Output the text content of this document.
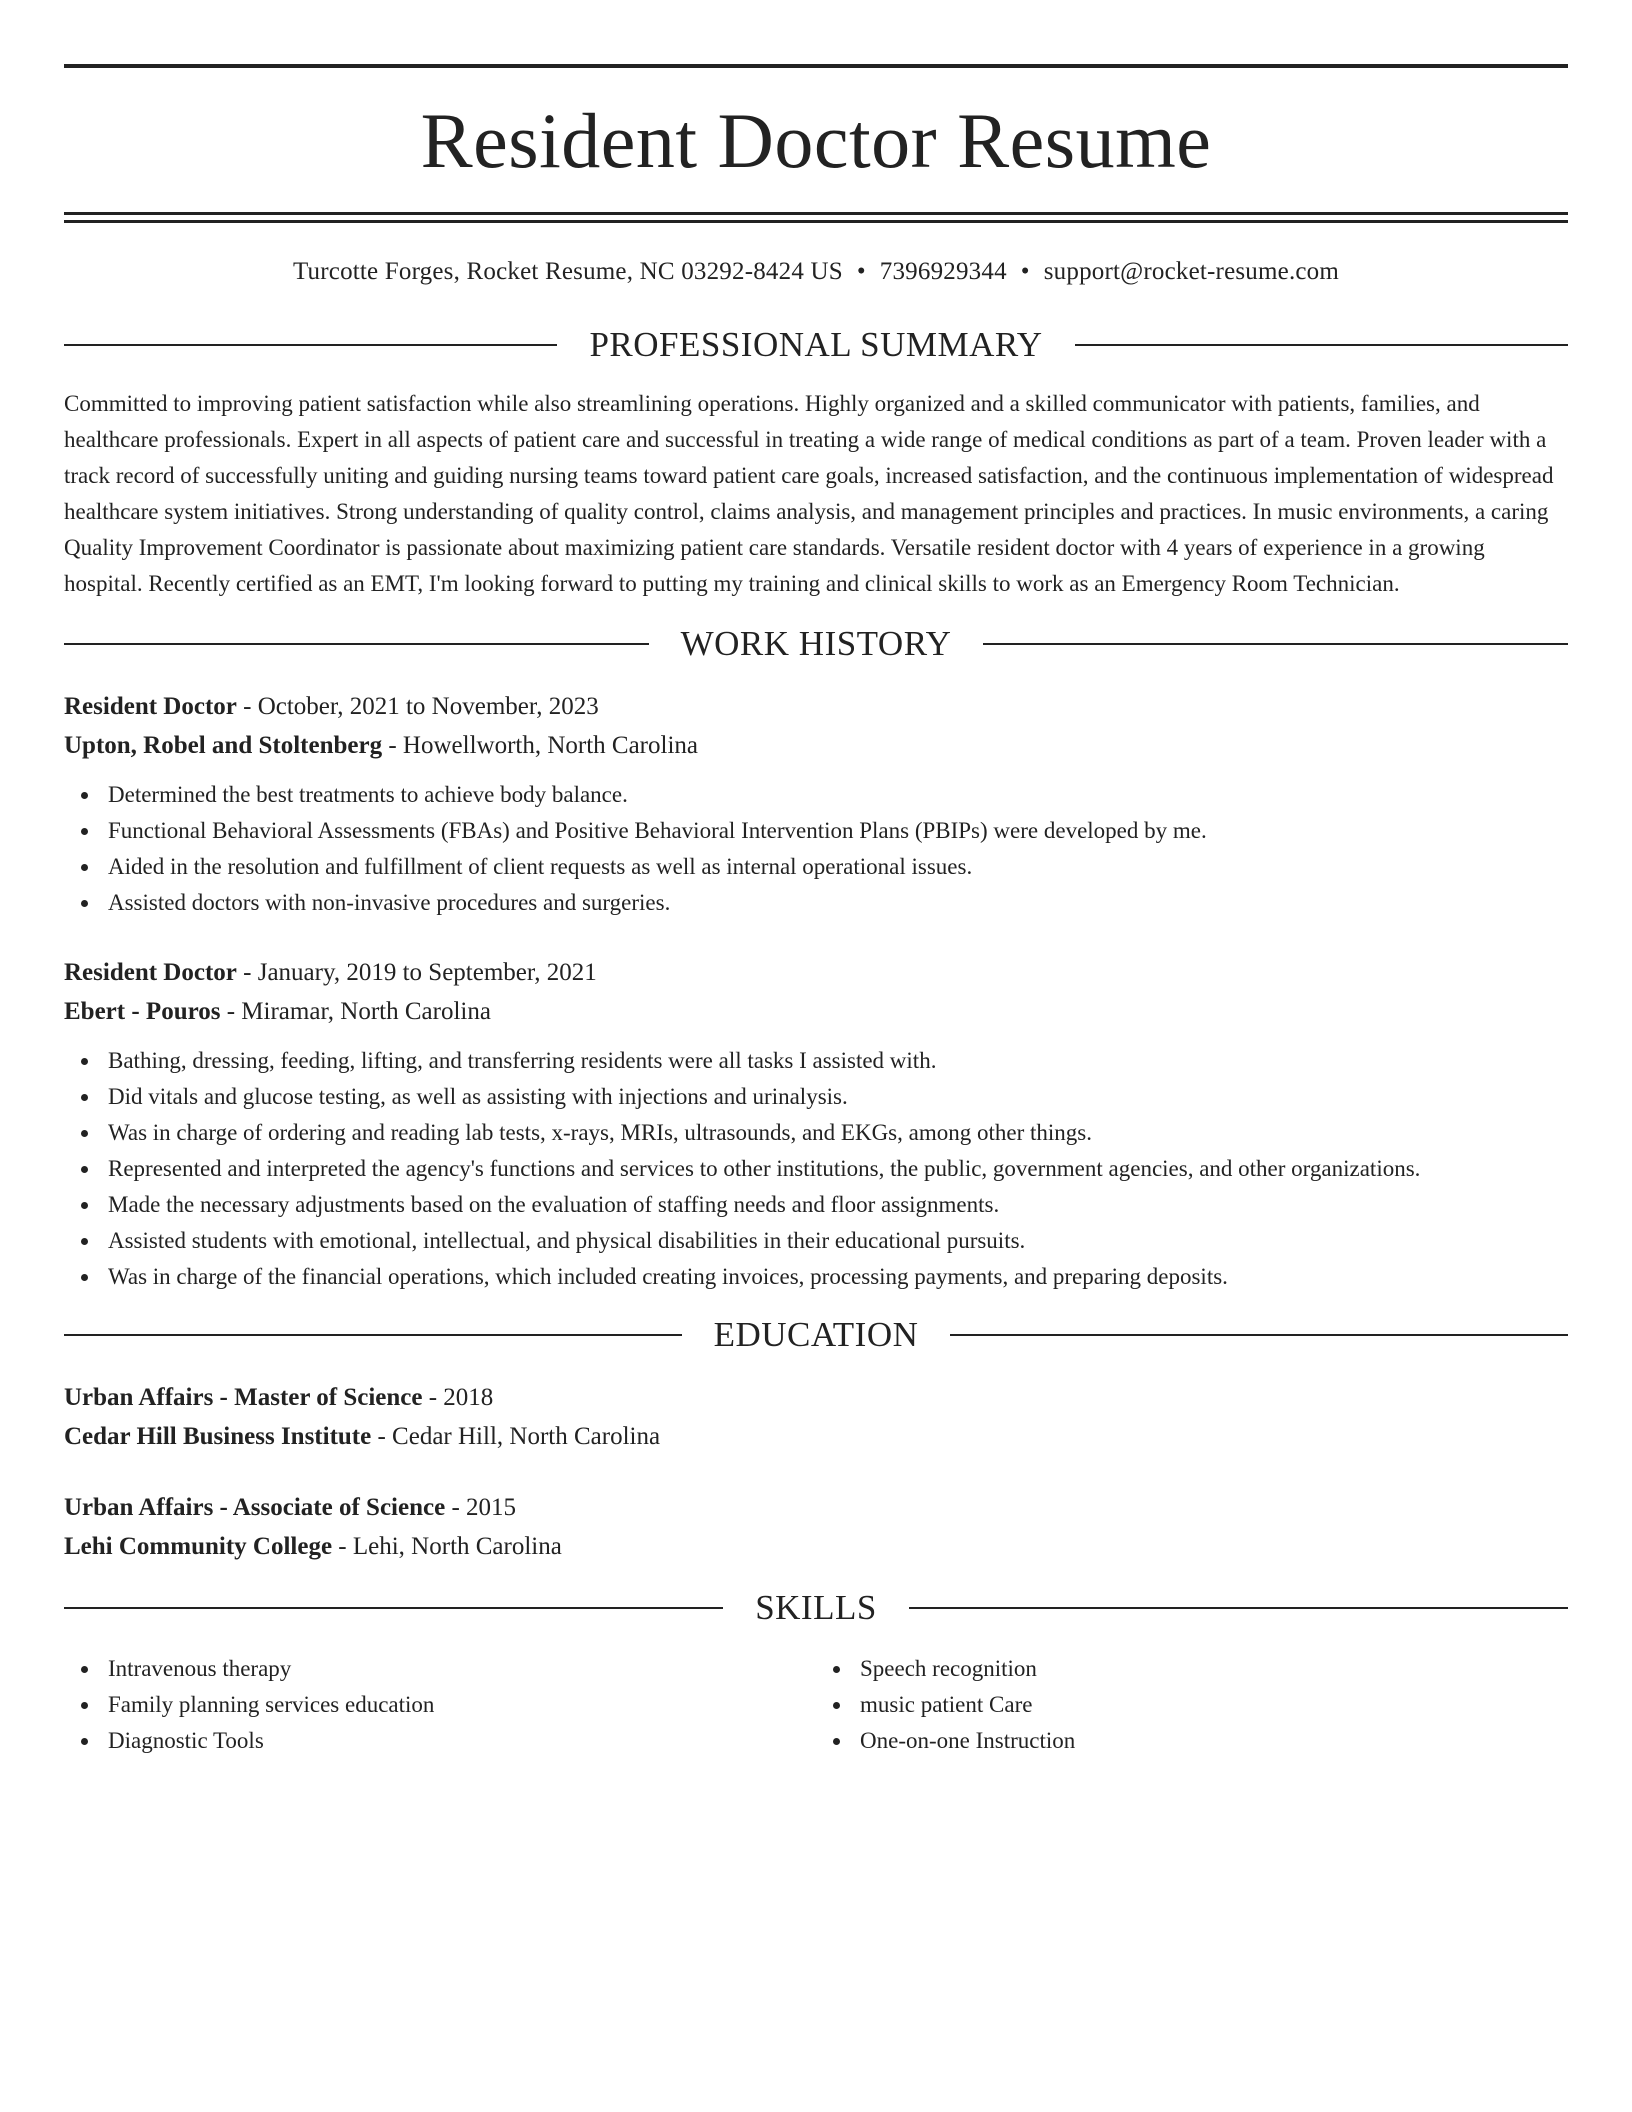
Resident Doctor Resume
Turcotte Forges, Rocket Resume, NC 03292-8424 US • 7396929344 • support@rocket-resume.com
PROFESSIONAL SUMMARY
Committed to improving patient satisfaction while also streamlining operations. Highly organized and a skilled communicator with patients, families, and healthcare professionals. Expert in all aspects of patient care and successful in treating a wide range of medical conditions as part of a team. Proven leader with a track record of successfully uniting and guiding nursing teams toward patient care goals, increased satisfaction, and the continuous implementation of widespread healthcare system initiatives. Strong understanding of quality control, claims analysis, and management principles and practices. In music environments, a caring Quality Improvement Coordinator is passionate about maximizing patient care standards. Versatile resident doctor with 4 years of experience in a growing hospital. Recently certified as an EMT, I'm looking forward to putting my training and clinical skills to work as an Emergency Room Technician.
WORK HISTORY
Resident Doctor - October, 2021 to November, 2023
Upton, Robel and Stoltenberg - Howellworth, North Carolina
Determined the best treatments to achieve body balance.
Functional Behavioral Assessments (FBAs) and Positive Behavioral Intervention Plans (PBIPs) were developed by me.
Aided in the resolution and fulfillment of client requests as well as internal operational issues.
Assisted doctors with non-invasive procedures and surgeries.
Resident Doctor - January, 2019 to September, 2021
Ebert - Pouros - Miramar, North Carolina
Bathing, dressing, feeding, lifting, and transferring residents were all tasks I assisted with.
Did vitals and glucose testing, as well as assisting with injections and urinalysis.
Was in charge of ordering and reading lab tests, x-rays, MRIs, ultrasounds, and EKGs, among other things.
Represented and interpreted the agency's functions and services to other institutions, the public, government agencies, and other organizations.
Made the necessary adjustments based on the evaluation of staffing needs and floor assignments.
Assisted students with emotional, intellectual, and physical disabilities in their educational pursuits.
Was in charge of the financial operations, which included creating invoices, processing payments, and preparing deposits.
EDUCATION
Urban Affairs - Master of Science - 2018
Cedar Hill Business Institute - Cedar Hill, North Carolina
Urban Affairs - Associate of Science - 2015
Lehi Community College - Lehi, North Carolina
SKILLS
Intravenous therapy
Family planning services education
Diagnostic Tools
Speech recognition
music patient Care
One-on-one Instruction
